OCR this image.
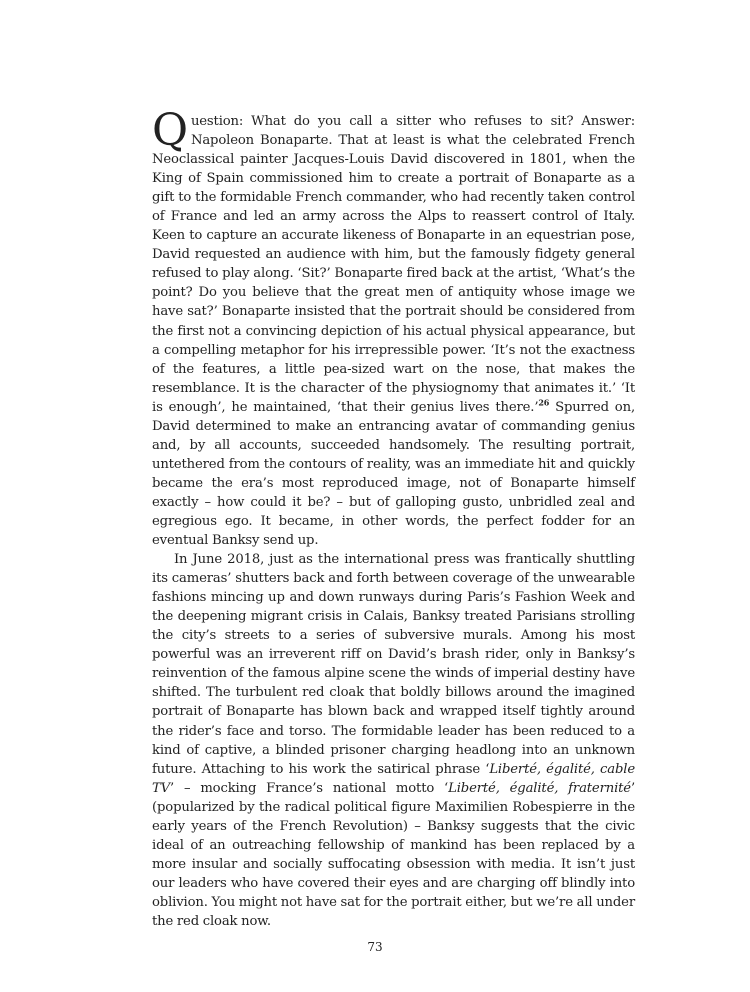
Question: What do you call a sitter who refuses to sit? Answer: Napoleon Bonaparte. That at least is what the celebrated French Neoclassical painter Jacques-Louis David discovered in 1801, when the King of Spain commissioned him to create a portrait of Bonaparte as a gift to the formidable French commander, who had recently taken control of France and led an army across the Alps to reassert control of Italy. Keen to capture an accurate likeness of Bonaparte in an equestrian pose, David requested an audience with him, but the famously fidgety general refused to play along. ‘Sit?’ Bonaparte fired back at the artist, ‘What’s the point? Do you believe that the great men of antiquity whose image we have sat?’ Bonaparte insisted that the portrait should be considered from the first not a convincing depiction of his actual physical appearance, but a compelling metaphor for his irrepressible power. ‘It’s not the exactness of the features, a little pea-sized wart on the nose, that makes the resemblance. It is the character of the physiognomy that animates it.’ ‘It is enough’, he maintained, ‘that their genius lives there.’$^{26}$ Spurred on, David determined to make an entrancing avatar of commanding genius and, by all accounts, succeeded handsomely. The resulting portrait, untethered from the contours of reality, was an immediate hit and quickly became the era’s most reproduced image, not of Bonaparte himself exactly – how could it be? – but of galloping gusto, unbridled zeal and egregious ego. It became, in other words, the perfect fodder for an eventual Banksy send up.

In June 2018, just as the international press was frantically shuttling its cameras’ shutters back and forth between coverage of the unwearable fashions mincing up and down runways during Paris’s Fashion Week and the deepening migrant crisis in Calais, Banksy treated Parisians strolling the city’s streets to a series of subversive murals. Among his most powerful was an irreverent riff on David’s brash rider, only in Banksy’s reinvention of the famous alpine scene the winds of imperial destiny have shifted. The turbulent red cloak that boldly billows around the imagined portrait of Bonaparte has blown back and wrapped itself tightly around the rider’s face and torso. The formidable leader has been reduced to a kind of captive, a blinded prisoner charging headlong into an unknown future. Attaching to his work the satirical phrase ‘Liberté, égalité, cable TV’ – mocking France’s national motto ‘Liberté, égalité, fraternité’ (popularized by the radical political figure Maximilien Robespierre in the early years of the French Revolution) – Banksy suggests that the civic ideal of an outreaching fellowship of mankind has been replaced by a more insular and socially suffocating obsession with media. It isn’t just our leaders who have covered their eyes and are charging off blindly into oblivion. You might not have sat for the portrait either, but we’re all under the red cloak now.

73
